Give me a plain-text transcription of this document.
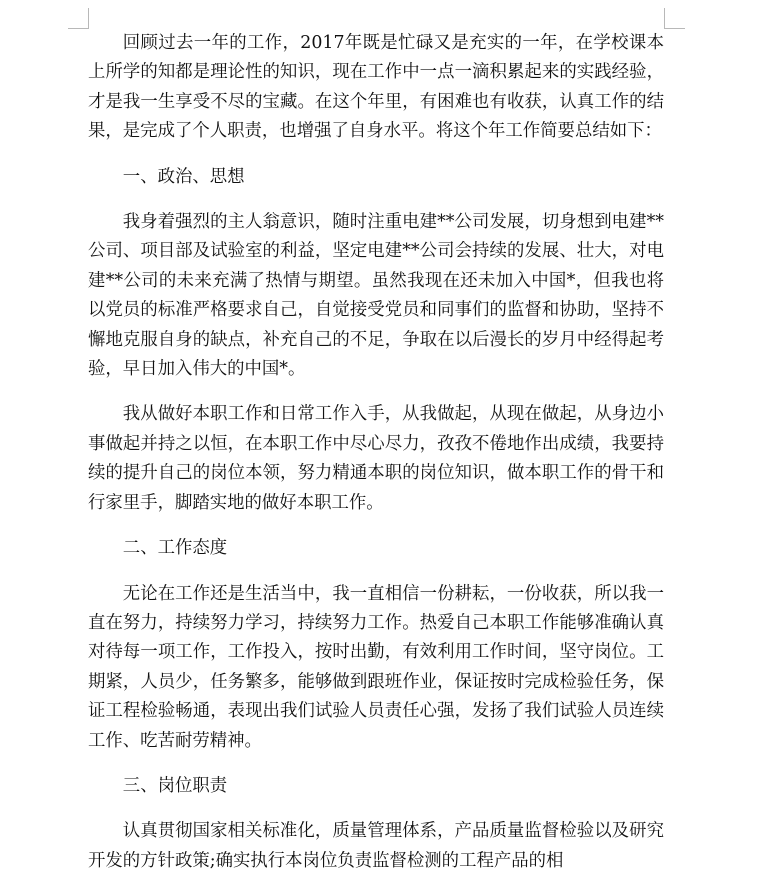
回顾过去一年的工作，2017年既是忙碌又是充实的一年，在学校课本上所学的知都是理论性的知识，现在工作中一点一滴积累起来的实践经验，才是我一生享受不尽的宝藏。在这个年里，有困难也有收获，认真工作的结果，是完成了个人职责，也增强了自身水平。将这个年工作简要总结如下：

一、政治、思想

我身着强烈的主人翁意识，随时注重电建**公司发展，切身想到电建**公司、项目部及试验室的利益，坚定电建**公司会持续的发展、壮大，对电建**公司的未来充满了热情与期望。虽然我现在还未加入中国*，但我也将以党员的标准严格要求自己，自觉接受党员和同事们的监督和协助，坚持不懈地克服自身的缺点，补充自己的不足，争取在以后漫长的岁月中经得起考验，早日加入伟大的中国*。

我从做好本职工作和日常工作入手，从我做起，从现在做起，从身边小事做起并持之以恒，在本职工作中尽心尽力，孜孜不倦地作出成绩，我要持续的提升自己的岗位本领，努力精通本职的岗位知识，做本职工作的骨干和行家里手，脚踏实地的做好本职工作。

二、工作态度

无论在工作还是生活当中，我一直相信一份耕耘，一份收获，所以我一直在努力，持续努力学习，持续努力工作。热爱自己本职工作能够准确认真对待每一项工作，工作投入，按时出勤，有效利用工作时间，坚守岗位。工期紧，人员少，任务繁多，能够做到跟班作业，保证按时完成检验任务，保证工程检验畅通，表现出我们试验人员责任心强，发扬了我们试验人员连续工作、吃苦耐劳精神。

三、岗位职责

认真贯彻国家相关标准化，质量管理体系，产品质量监督检验以及研究开发的方针政策;确实执行本岗位负责监督检测的工程产品的相
